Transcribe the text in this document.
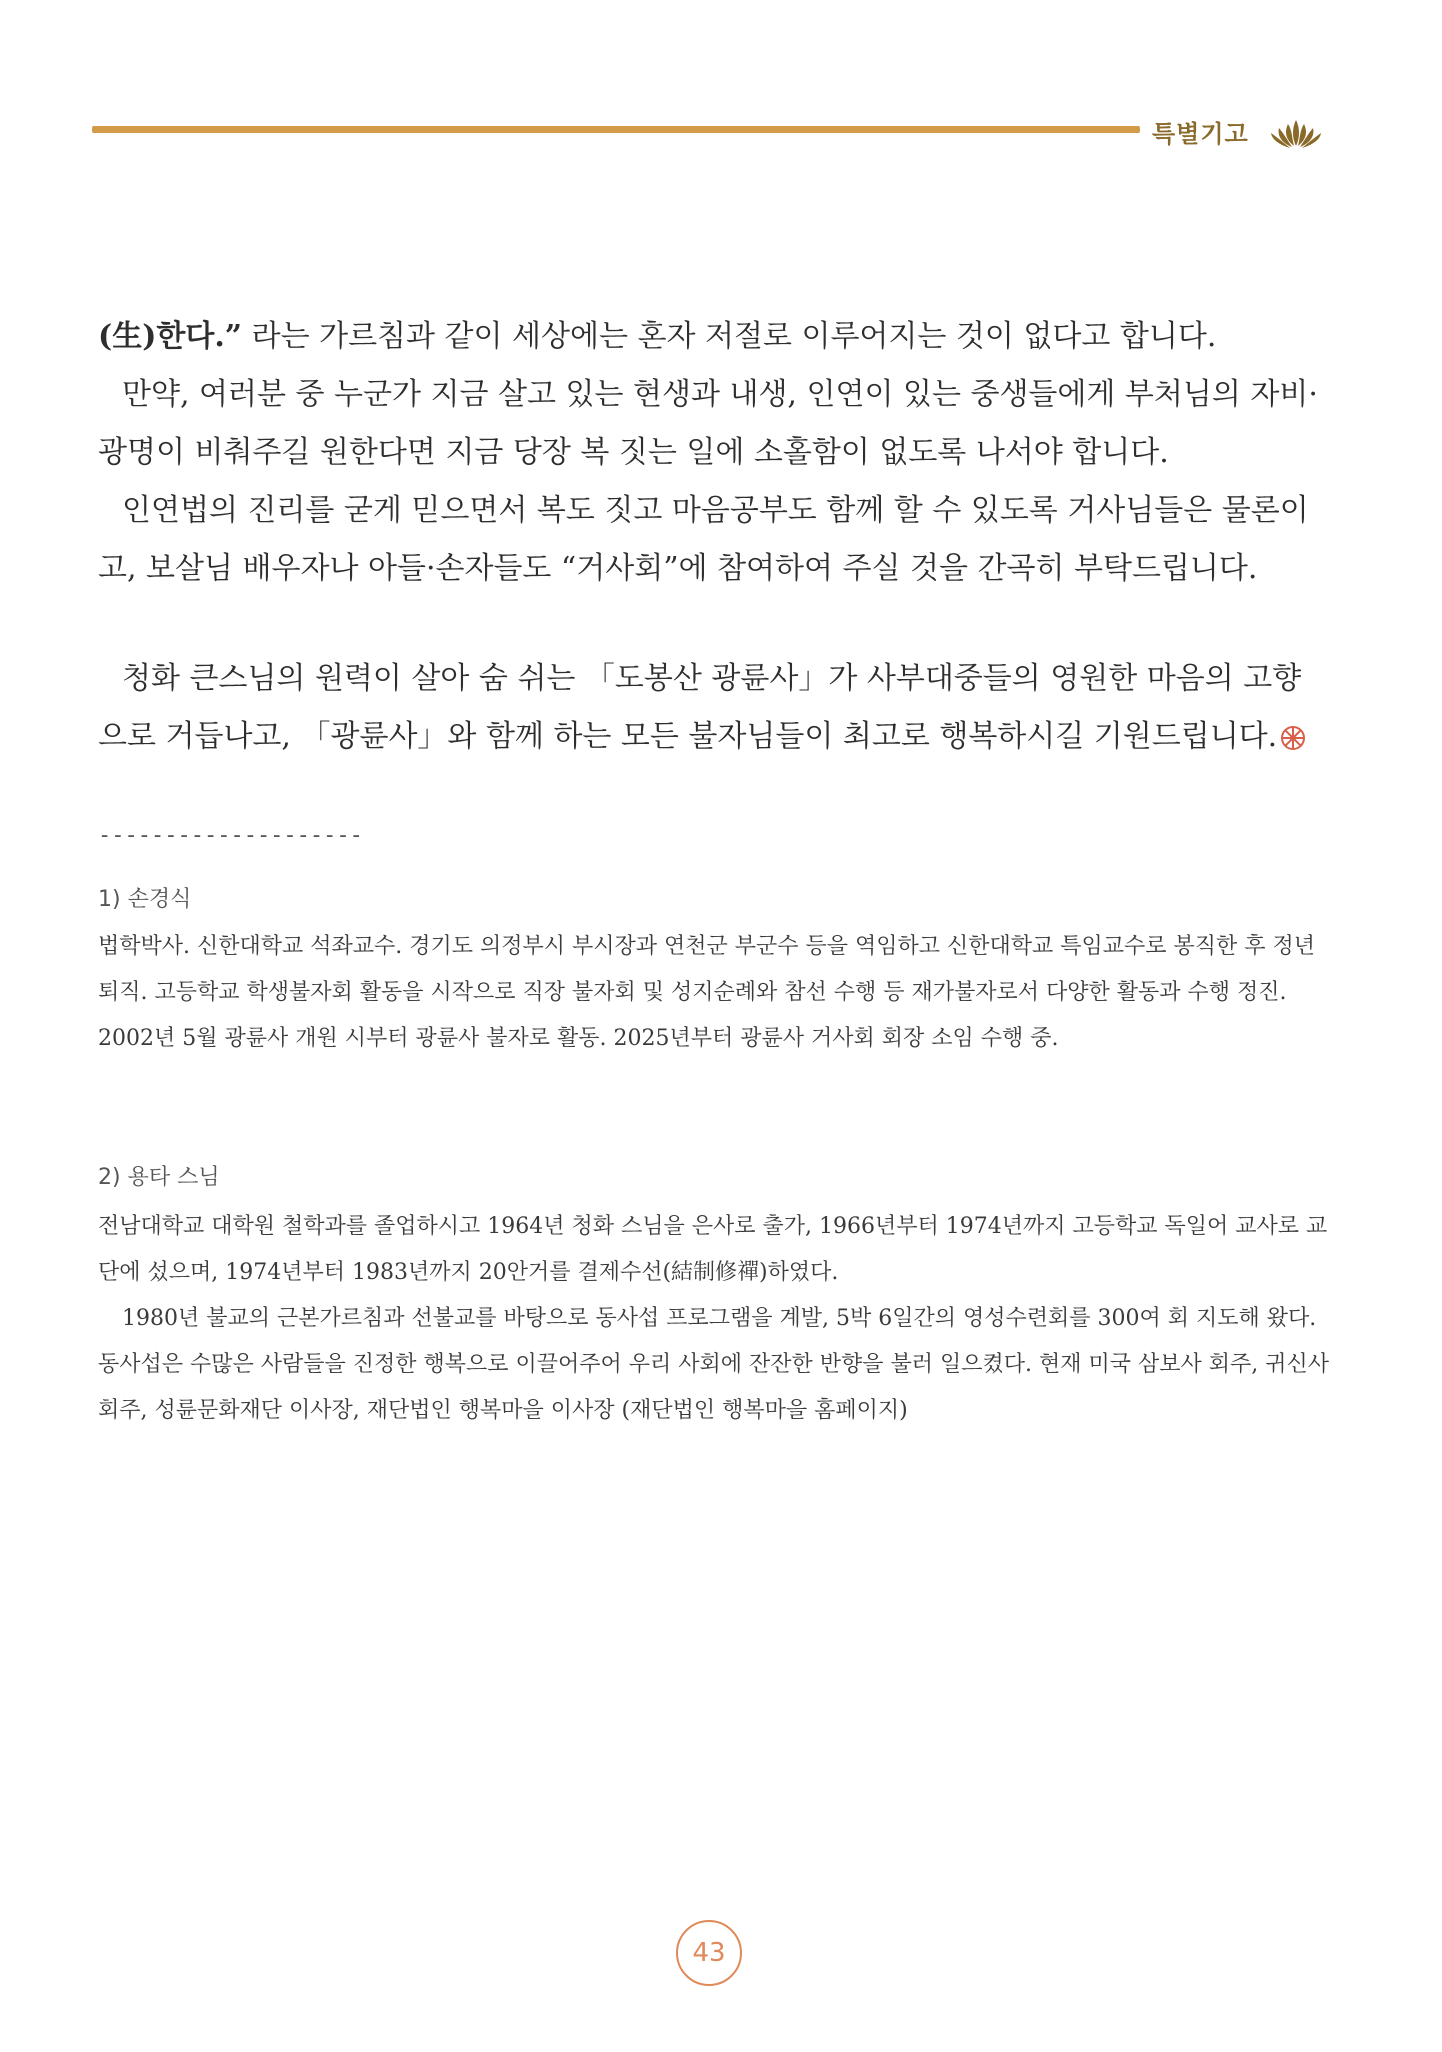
특별기고

(生)한다.” 라는 가르침과 같이 세상에는 혼자 저절로 이루어지는 것이 없다고 합니다.

만약, 여러분 중 누군가 지금 살고 있는 현생과 내생, 인연이 있는 중생들에게 부처님의 자비·광명이 비춰주길 원한다면 지금 당장 복 짓는 일에 소홀함이 없도록 나서야 합니다.

인연법의 진리를 굳게 믿으면서 복도 짓고 마음공부도 함께 할 수 있도록 거사님들은 물론이고, 보살님 배우자나 아들·손자들도 “거사회”에 참여하여 주실 것을 간곡히 부탁드립니다.

청화 큰스님의 원력이 살아 숨 쉬는 「도봉산 광륜사」가 사부대중들의 영원한 마음의 고향으로 거듭나고, 「광륜사」와 함께 하는 모든 불자님들이 최고로 행복하시길 기원드립니다.

--------------------
1) 손경식

법학박사. 신한대학교 석좌교수. 경기도 의정부시 부시장과 연천군 부군수 등을 역임하고 신한대학교 특임교수로 봉직한 후 정년퇴직. 고등학교 학생불자회 활동을 시작으로 직장 불자회 및 성지순례와 참선 수행 등 재가불자로서 다양한 활동과 수행 정진. 2002년 5월 광륜사 개원 시부터 광륜사 불자로 활동. 2025년부터 광륜사 거사회 회장 소임 수행 중.

2) 용타 스님

전남대학교 대학원 철학과를 졸업하시고 1964년 청화 스님을 은사로 출가, 1966년부터 1974년까지 고등학교 독일어 교사로 교단에 섰으며, 1974년부터 1983년까지 20안거를 결제수선(結制修禪)하였다.

1980년 불교의 근본가르침과 선불교를 바탕으로 동사섭 프로그램을 계발, 5박 6일간의 영성수련회를 300여 회 지도해 왔다. 동사섭은 수많은 사람들을 진정한 행복으로 이끌어주어 우리 사회에 잔잔한 반향을 불러 일으켰다. 현재 미국 삼보사 회주, 귀신사 회주, 성륜문화재단 이사장, 재단법인 행복마을 이사장 (재단법인 행복마을 홈페이지)

43
